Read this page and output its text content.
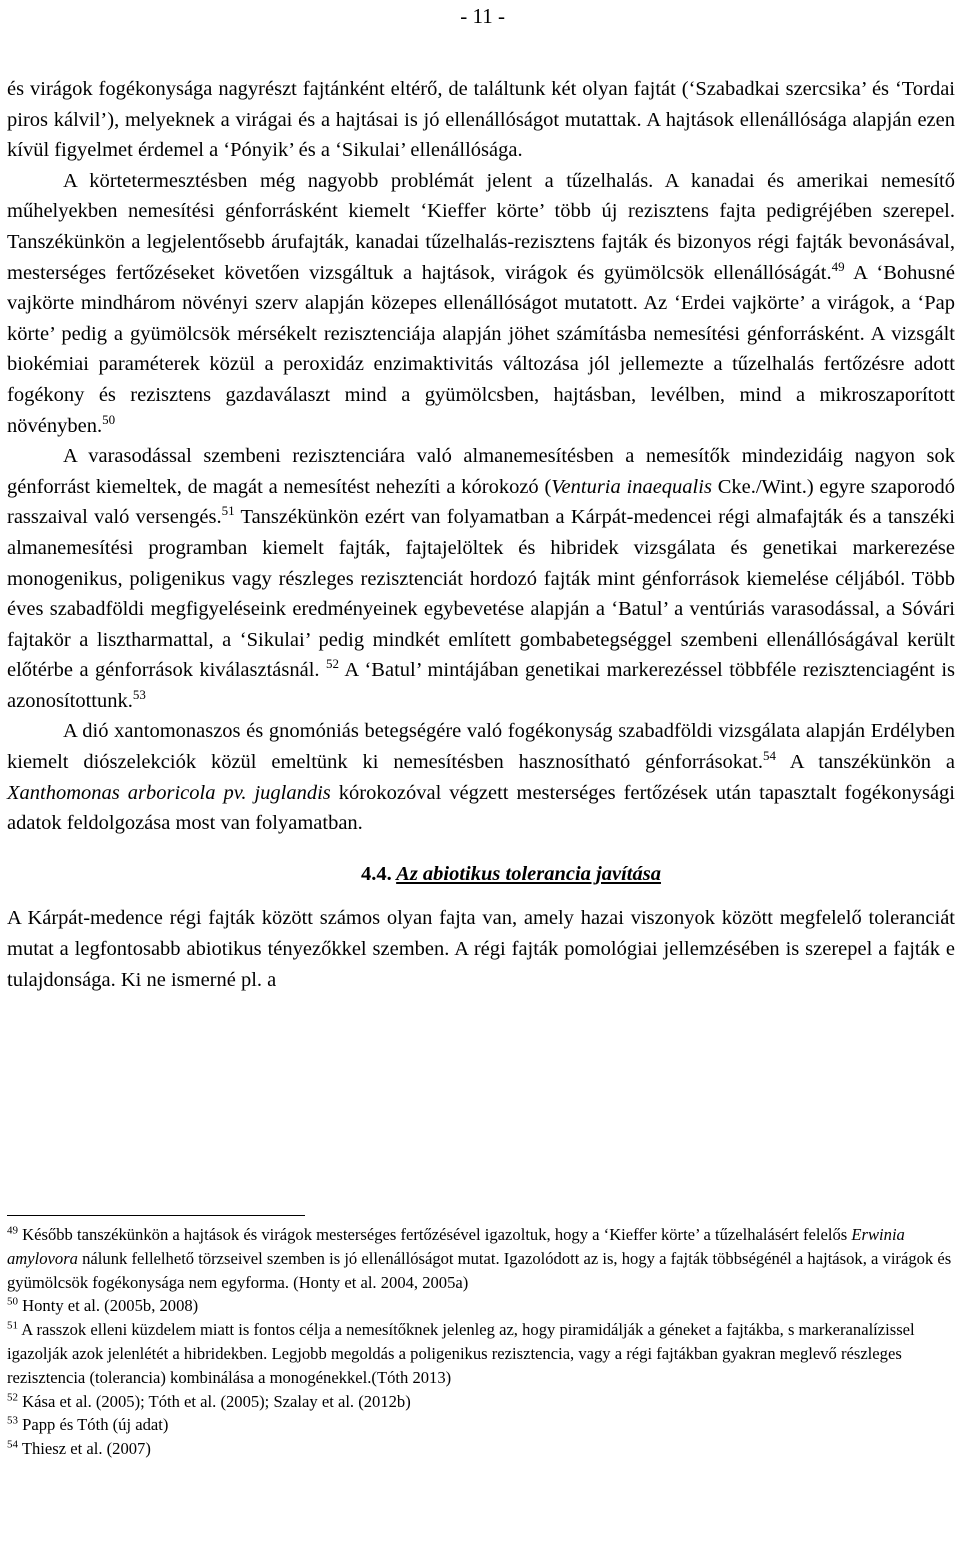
- 11 -

és virágok fogékonysága nagyrészt fajtánként eltérő, de találtunk két olyan fajtát (‘Szabadkai szercsika’ és ‘Tordai piros kálvil’), melyeknek a virágai és a hajtásai is jó ellenállóságot mutattak. A hajtások ellenállósága alapján ezen kívül figyelmet érdemel a ‘Pónyik’ és a ‘Sikulai’ ellenállósága.

A körtetermesztésben még nagyobb problémát jelent a tűzelhalás. A kanadai és amerikai nemesítő műhelyekben nemesítési génforrásként kiemelt ‘Kieffer körte’ több új rezisztens fajta pedigréjében szerepel. Tanszékünkön a legjelentősebb árufajták, kanadai tűzelhalás-rezisztens fajták és bizonyos régi fajták bevonásával, mesterséges fertőzéseket követően vizsgáltuk a hajtások, virágok és gyümölcsök ellenállóságát.$^{49}$ A ‘Bohusné vajkörte mindhárom növényi szerv alapján közepes ellenállóságot mutatott. Az ‘Erdei vajkörte’ a virágok, a ‘Pap körte’ pedig a gyümölcsök mérsékelt rezisztenciája alapján jöhet számításba nemesítési génforrásként. A vizsgált biokémiai paraméterek közül a peroxidáz enzimaktivitás változása jól jellemezte a tűzelhalás fertőzésre adott fogékony és rezisztens gazdaválaszt mind a gyümölcsben, hajtásban, levélben, mind a mikroszaporított növényben.$^{50}$

A varasodással szembeni rezisztenciára való almanemesítésben a nemesítők mindezidáig nagyon sok génforrást kiemeltek, de magát a nemesítést nehezíti a kórokozó (Venturia inaequalis Cke./Wint.) egyre szaporodó rasszaival való versengés.$^{51}$ Tanszékünkön ezért van folyamatban a Kárpát-medencei régi almafajták és a tanszéki almanemesítési programban kiemelt fajták, fajtajelöltek és hibridek vizsgálata és genetikai markerezése monogenikus, poligenikus vagy részleges rezisztenciát hordozó fajták mint génforrások kiemelése céljából. Több éves szabadföldi megfigyeléseink eredményeinek egybevetése alapján a ‘Batul’ a ventúriás varasodással, a Sóvári fajtakör a lisztharmattal, a ‘Sikulai’ pedig mindkét említett gombabetegséggel szembeni ellenállóságával került előtérbe a génforrások kiválasztásnál. $^{52}$ A ‘Batul’ mintájában genetikai markerezéssel többféle rezisztenciagént is azonosítottunk.$^{53}$

A dió xantomonaszos és gnomóniás betegségére való fogékonyság szabadföldi vizsgálata alapján Erdélyben kiemelt diószelekciók közül emeltünk ki nemesítésben hasznosítható génforrásokat.$^{54}$ A tanszékünkön a Xanthomonas arboricola pv. juglandis kórokozóval végzett mesterséges fertőzések után tapasztalt fogékonysági adatok feldolgozása most van folyamatban.

4.4. Az abiotikus tolerancia javítása

A Kárpát-medence régi fajták között számos olyan fajta van, amely hazai viszonyok között megfelelő toleranciát mutat a legfontosabb abiotikus tényezőkkel szemben. A régi fajták pomológiai jellemzésében is szerepel a fajták e tulajdonsága. Ki ne ismerné pl. a

$^{49}$ Később tanszékünkön a hajtások és virágok mesterséges fertőzésével igazoltuk, hogy a ‘Kieffer körte’ a tűzelhalásért felelős Erwinia amylovora nálunk fellelhető törzseivel szemben is jó ellenállóságot mutat. Igazolódott az is, hogy a fajták többségénél a hajtások, a virágok és gyümölcsök fogékonysága nem egyforma. (Honty et al. 2004, 2005a)

$^{50}$ Honty et al. (2005b, 2008)

$^{51}$ A rasszok elleni küzdelem miatt is fontos célja a nemesítőknek jelenleg az, hogy piramidálják a géneket a fajtákba, s markeranalízissel igazolják azok jelenlétét a hibridekben. Legjobb megoldás a poligenikus rezisztencia, vagy a régi fajtákban gyakran meglevő részleges rezisztencia (tolerancia) kombinálása a monogénekkel.(Tóth 2013)

$^{52}$ Kása et al. (2005); Tóth et al. (2005); Szalay et al. (2012b)

$^{53}$ Papp és Tóth (új adat)

$^{54}$ Thiesz et al. (2007)
